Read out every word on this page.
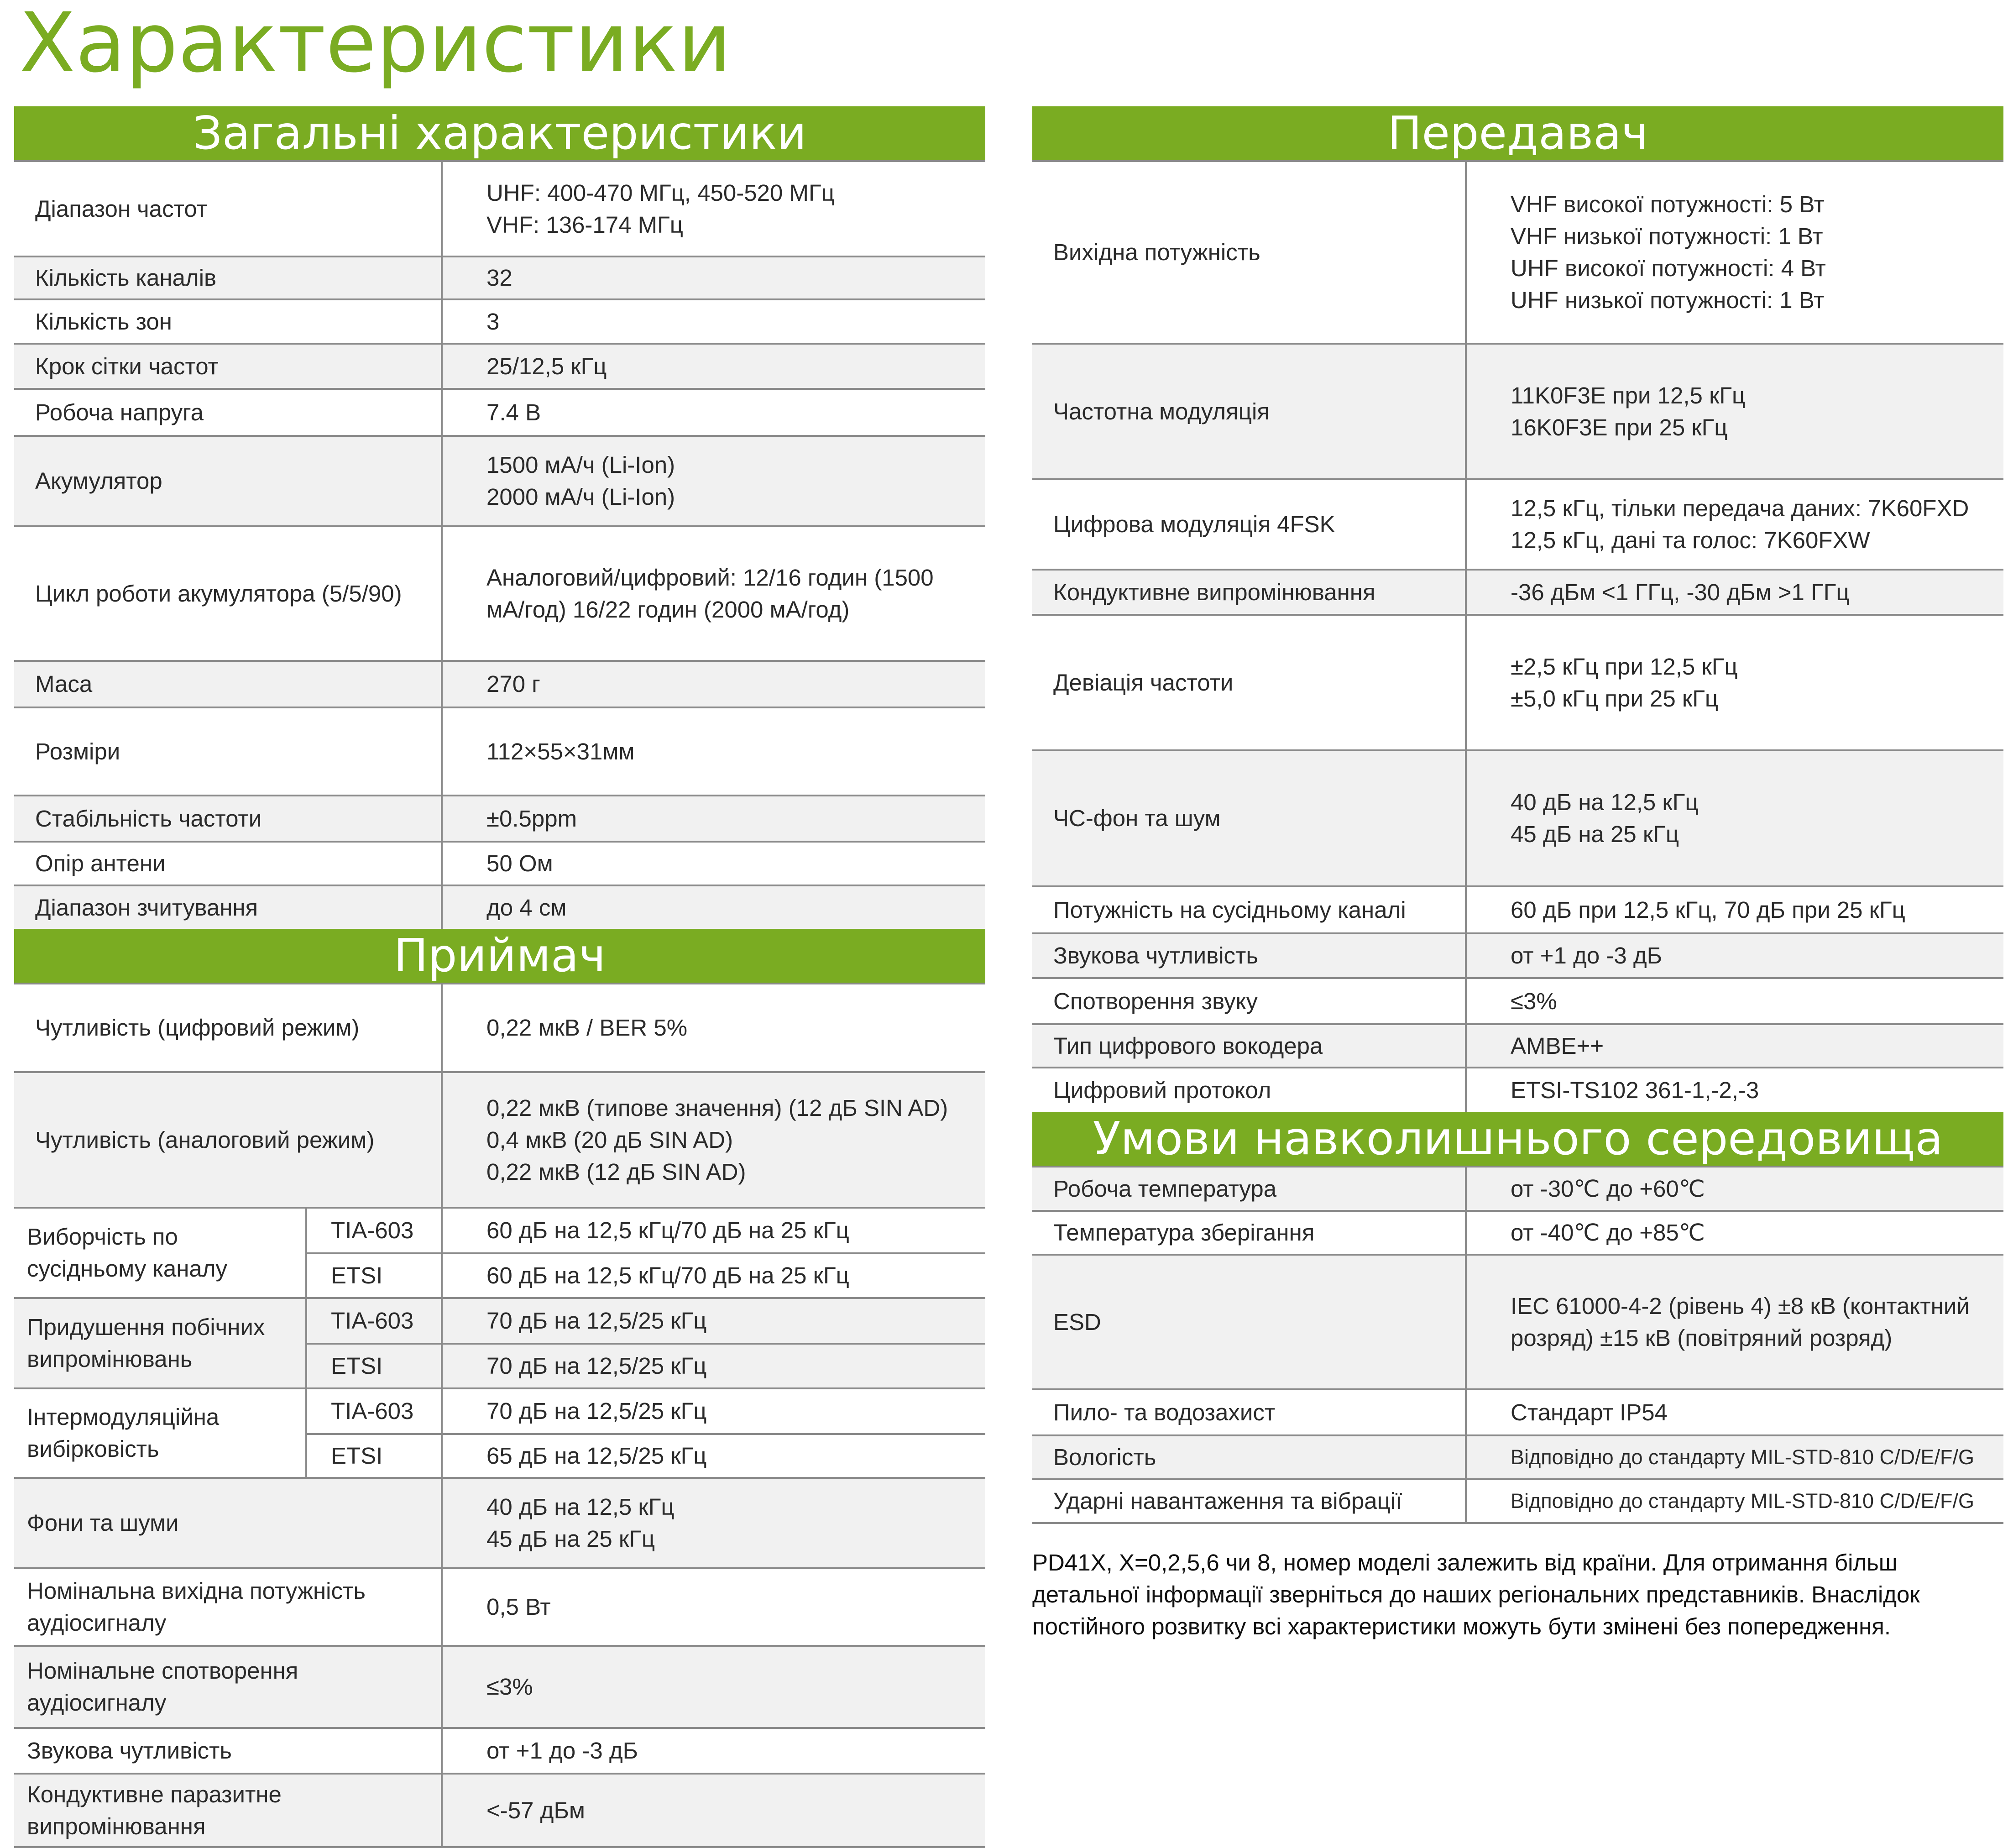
Характеристики
Загальні характеристики
Діапазон частот	UHF: 400-470 МГц, 450-520 МГц
VHF: 136-174 МГц

Кількість каналів	32

Кількість зон	3

Крок сітки частот	25/12,5 кГц

Робоча напруга	7.4 В

Акумулятор	1500 мА/ч (Li-Ion)
2000 мА/ч (Li-Ion)

Цикл роботи акумулятора (5/5/90)	Аналоговий/цифровий: 12/16 годин (1500 мА/год) 16/22 годин (2000 мА/год)

Маса	270 г

Розміри	112×55×31мм

Стабільність частоти	±0.5ppm

Опір антени	50 Ом

Діапазон зчитування	до 4 см
Приймач
Чутливість (цифровий режим)		0,22 мкВ / BER 5%

Чутливість (аналоговий режим)		0,22 мкВ (типове значення) (12 дБ SIN AD)
0,4 мкВ (20 дБ SIN AD)
0,22 мкВ (12 дБ SIN AD)

Виборчість по сусідньому каналу	TIA-603	60 дБ на 12,5 кГц/70 дБ на 25 кГц
	ETSI	60 дБ на 12,5 кГц/70 дБ на 25 кГц
Придушення побічних випромінювань	TIA-603	70 дБ на 12,5/25 кГц
	ETSI	70 дБ на 12,5/25 кГц
Інтермодуляційна вибірковість	TIA-603	70 дБ на 12,5/25 кГц
	ETSI	65 дБ на 12,5/25 кГц
Фони та шуми		40 дБ на 12,5 кГц
45 дБ на 25 кГц

Номінальна вихідна потужність аудіосигналу		0,5 Вт

Номінальне спотворення аудіосигналу		≤3%

Звукова чутливість		от +1 до -3 дБ

Кондуктивне паразитне випромінювання		<-57 дБм
Передавач
Вихідна потужність	VHF високої потужності: 5 Вт
VHF низької потужності: 1 Вт
UHF високої потужності: 4 Вт
UHF низької потужності: 1 Вт

Частотна модуляція	11K0F3E при 12,5 кГц
16K0F3E при 25 кГц

Цифрова модуляція 4FSK	12,5 кГц, тільки передача даних: 7K60FXD
12,5 кГц, дані та голос: 7K60FXW

Кондуктивне випромінювання	-36 дБм <1 ГГц, -30 дБм >1 ГГц

Девіація частоти	±2,5 кГц при 12,5 кГц
±5,0 кГц при 25 кГц

ЧС-фон та шум	40 дБ на 12,5 кГц
45 дБ на 25 кГц

Потужність на сусідньому каналі	60 дБ при 12,5 кГц, 70 дБ при 25 кГц

Звукова чутливість	от +1 до -3 дБ

Спотворення звуку	≤3%

Тип цифрового вокодера	AMBE++

Цифровий протокол	ETSI-TS102 361-1,-2,-3
Умови навколишнього середовища
Робоча температура	от -30℃ до +60℃

Температура зберігання	от -40℃ до +85℃

ESD	IEC 61000-4-2 (рівень 4) ±8 кВ (контактний розряд) ±15 кВ (повітряний розряд)

Пило- та водозахист	Стандарт IP54

Вологість	Відповідно до стандарту MIL-STD-810 C/D/E/F/G

Ударні навантаження та вібрації	Відповідно до стандарту MIL-STD-810 C/D/E/F/G
PD41X, X=0,2,5,6 чи 8, номер моделі залежить від країни. Для отримання більш детальної інформації зверніться до наших регіональних представників. Внаслідок постійного розвитку всі характеристики можуть бути змінені без попередження.
